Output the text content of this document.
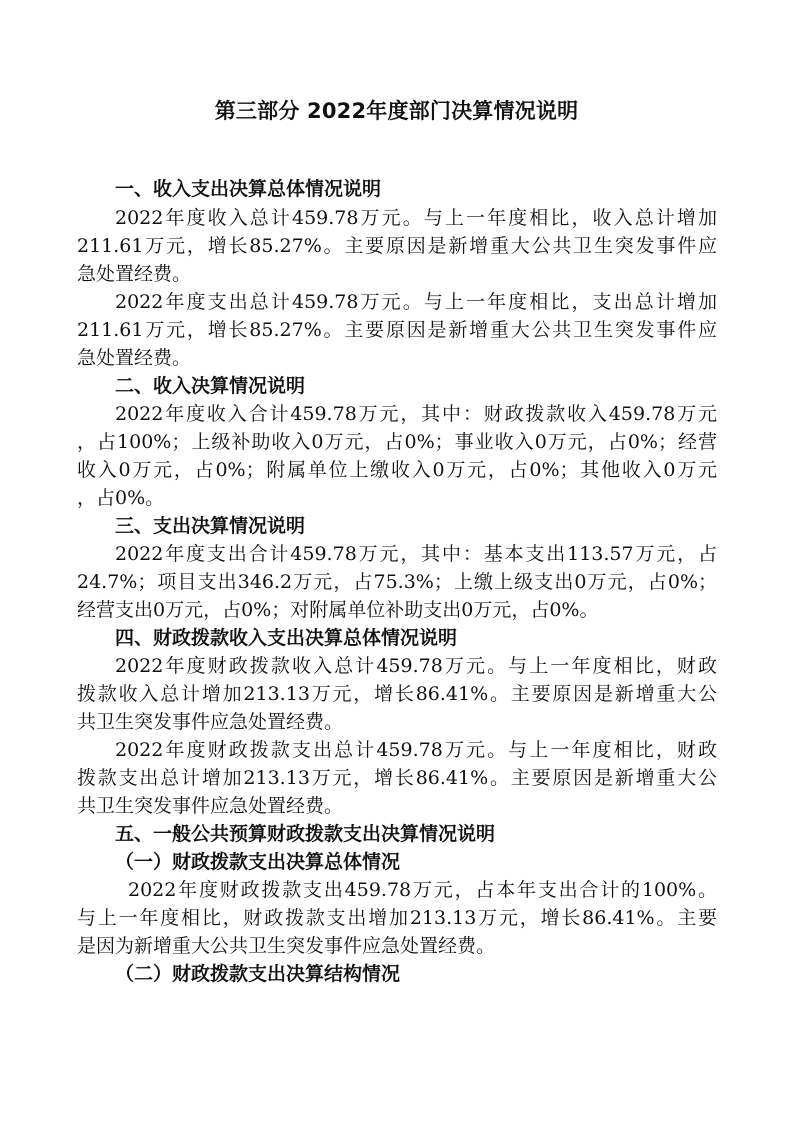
第三部分 2022年度部门决算情况说明
一、收入支出决算总体情况说明
2022年度收入总计459.78万元。与上一年度相比，收入总计增加
211.61万元，增长85.27%。主要原因是新增重大公共卫生突发事件应
急处置经费。
2022年度支出总计459.78万元。与上一年度相比，支出总计增加
211.61万元，增长85.27%。主要原因是新增重大公共卫生突发事件应
急处置经费。
二、收入决算情况说明
2022年度收入合计459.78万元，其中：财政拨款收入459.78万元
，占100%；上级补助收入0万元，占0%；事业收入0万元，占0%；经营
收入0万元，占0%；附属单位上缴收入0万元，占0%；其他收入0万元
，占0%。
三、支出决算情况说明
2022年度支出合计459.78万元，其中：基本支出113.57万元，占
24.7%；项目支出346.2万元，占75.3%；上缴上级支出0万元，占0%；
经营支出0万元，占0%；对附属单位补助支出0万元，占0%。
四、财政拨款收入支出决算总体情况说明
2022年度财政拨款收入总计459.78万元。与上一年度相比，财政
拨款收入总计增加213.13万元，增长86.41%。主要原因是新增重大公
共卫生突发事件应急处置经费。
2022年度财政拨款支出总计459.78万元。与上一年度相比，财政
拨款支出总计增加213.13万元，增长86.41%。主要原因是新增重大公
共卫生突发事件应急处置经费。
五、一般公共预算财政拨款支出决算情况说明
（一）财政拨款支出决算总体情况
2022年度财政拨款支出459.78万元，占本年支出合计的100%。
与上一年度相比，财政拨款支出增加213.13万元，增长86.41%。主要
是因为新增重大公共卫生突发事件应急处置经费。
（二）财政拨款支出决算结构情况
